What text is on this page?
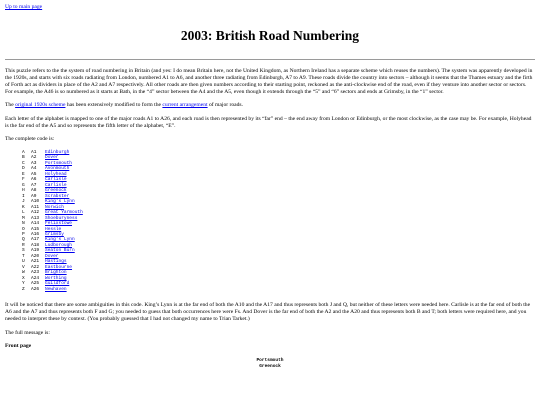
Up to main page
2003: British Road Numbering

This puzzle refers to the the system of road numbering in Britain (and yes: I do mean Britain here, not the United Kingdom, as Northern Ireland has a separate scheme which reuses the numbers). The system was apparently developed in the 1920s, and starts with six roads radiating from London, numbered A1 to A6, and another three radiating from Edinburgh, A7 to A9. These roads divide the country into sectors – although it seems that the Thames estuary and the firth of Forth act as dividers in place of the A2 and A7 respectively. All other roads are then given numbers according to their starting point, reckoned as the anti-clockwise end of the road, even if they venture into another sector or sectors. For example, the A46 is so numbered as it starts at Bath, in the “4” sector between the A4 and the A5, even though it extends through the “5” and “6” sectors and ends at Grimsby, in the “1” sector.

The original 1920s scheme has been extensively modified to form the current arrangement of major roads.

Each letter of the alphabet is mapped to one of the major roads A1 to A26, and each road is then represented by its “far” end – the end away from London or Edinburgh, or the most clockwise, as the case may be. For example, Holyhead is the far end of the A5 and so represents the fifth letter of the alphabet, “E”.

The complete code is:

A A1 Edinburgh
B A2 Dover
C A3 Portsmouth
D A4 Avonmouth
E A5 Holyhead
F A6 Carlisle
G A7 Carlisle
H A8 Greenock
I A9 Scrabster
J A10 King's Lynn
K A11 Norwich
L A12 Great Yarmouth
M A13 Shoeburyness
N A14 Felixstowe
O A15 Hessle
P A16 Grimsby
Q A17 King's Lynn
R A18 Ludborough
S A19 Seaton Burn
T A20 Dover
U A21 Hastings
V A22 Eastbourne
W A23 Brighton
X A24 Worthing
Y A25 Guildford
Z A26 Newhaven

It will be noticed that there are some ambiguities in this code. King’s Lynn is at the far end of both the A10 and the A17 and thus represents both J and Q, but neither of these letters were needed here. Carlisle is at the far end of both the A6 and the A7 and thus represents both F and G; you needed to guess that both occurrences here were Fs. And Dover is the far end of both the A2 and the A20 and thus represents both B and T; both letters were required here, and you needed to interpret these by context. (You probably guessed that I had not changed my name to Trian Tarket.)

The full message is:

Front page

Portsmouth
Greenock
